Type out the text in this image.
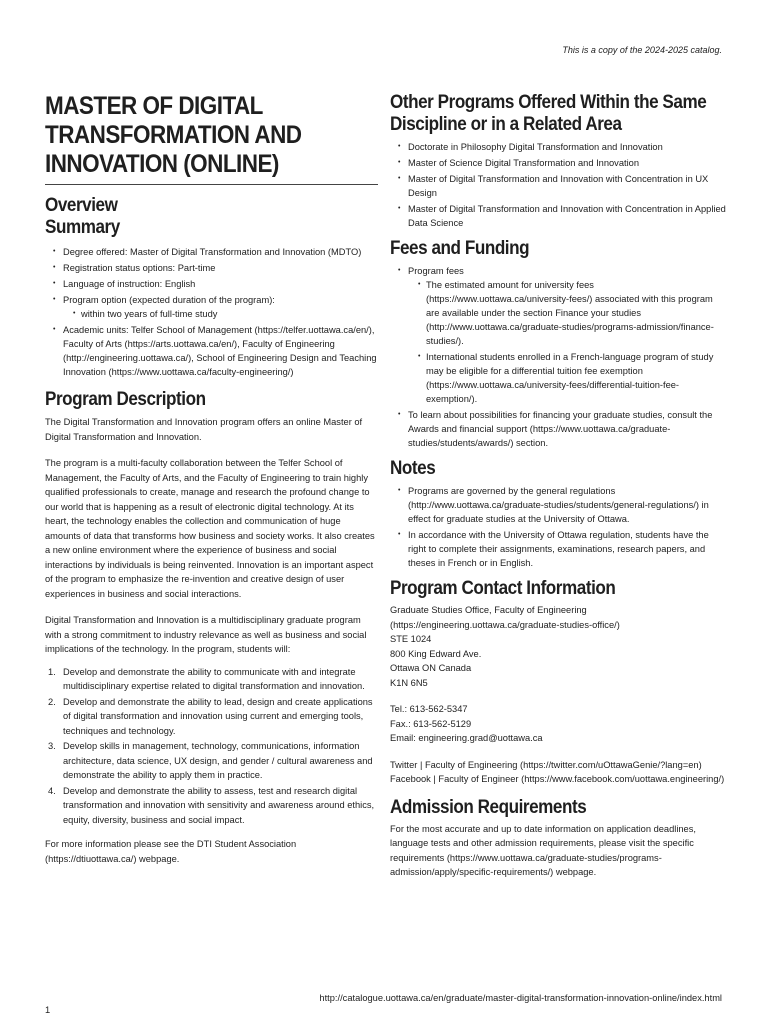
This is a copy of the 2024-2025 catalog.
MASTER OF DIGITAL TRANSFORMATION AND INNOVATION (ONLINE)
Overview
Summary
• Degree offered: Master of Digital Transformation and Innovation (MDTO)
• Registration status options: Part-time
• Language of instruction: English
• Program option (expected duration of the program):
• within two years of full-time study
• Academic units: Telfer School of Management (https://telfer.uottawa.ca/en/), Faculty of Arts (https://arts.uottawa.ca/en/), Faculty of Engineering (http://engineering.uottawa.ca/), School of Engineering Design and Teaching Innovation (https://www.uottawa.ca/faculty-engineering/)
Program Description

The Digital Transformation and Innovation program offers an online Master of Digital Transformation and Innovation.

The program is a multi-faculty collaboration between the Telfer School of Management, the Faculty of Arts, and the Faculty of Engineering to train highly qualified professionals to create, manage and research the profound change to our world that is happening as a result of electronic digital technology. At its heart, the technology enables the collection and communication of huge amounts of data that transforms how business and society works. It also creates a new online environment where the experience of business and social interactions by individuals is being reinvented. Innovation is an important aspect of the program to emphasize the re-invention and creative design of user experiences in business and social interactions.

Digital Transformation and Innovation is a multidisciplinary graduate program with a strong commitment to industry relevance as well as business and social implications of the technology. In the program, students will:

1. Develop and demonstrate the ability to communicate with and integrate multidisciplinary expertise related to digital transformation and innovation.
2. Develop and demonstrate the ability to lead, design and create applications of digital transformation and innovation using current and emerging tools, techniques and technology.
3. Develop skills in management, technology, communications, information architecture, data science, UX design, and gender / cultural awareness and demonstrate the ability to apply them in practice.
4. Develop and demonstrate the ability to assess, test and research digital transformation and innovation with sensitivity and awareness around ethics, equity, diversity, business and social impact.

For more information please see the DTI Student Association (https://dtiuottawa.ca/) webpage.

Other Programs Offered Within the Same Discipline or in a Related Area
• Doctorate in Philosophy Digital Transformation and Innovation
• Master of Science Digital Transformation and Innovation
• Master of Digital Transformation and Innovation with Concentration in UX Design
• Master of Digital Transformation and Innovation with Concentration in Applied Data Science
Fees and Funding
• Program fees
• The estimated amount for university fees (https://www.uottawa.ca/university-fees/) associated with this program are available under the section Finance your studies (http://www.uottawa.ca/graduate-studies/programs-admission/finance-studies/).
• International students enrolled in a French-language program of study may be eligible for a differential tuition fee exemption (https://www.uottawa.ca/university-fees/differential-tuition-fee-exemption/).
• To learn about possibilities for financing your graduate studies, consult the Awards and financial support (https://www.uottawa.ca/graduate-studies/students/awards/) section.
Notes
• Programs are governed by the general regulations (http://www.uottawa.ca/graduate-studies/students/general-regulations/) in effect for graduate studies at the University of Ottawa.
• In accordance with the University of Ottawa regulation, students have the right to complete their assignments, examinations, research papers, and theses in French or in English.
Program Contact Information

Graduate Studies Office, Faculty of Engineering (https://engineering.uottawa.ca/graduate-studies-office/)

STE 1024

800 King Edward Ave.

Ottawa ON Canada

K1N 6N5

Tel.: 613-562-5347

Fax.: 613-562-5129

Email: engineering.grad@uottawa.ca

Twitter | Faculty of Engineering (https://twitter.com/uOttawaGenie/?lang=en)

Facebook | Faculty of Engineer (https://www.facebook.com/uottawa.engineering/)

Admission Requirements

For the most accurate and up to date information on application deadlines, language tests and other admission requirements, please visit the specific requirements (https://www.uottawa.ca/graduate-studies/programs-admission/apply/specific-requirements/) webpage.

http://catalogue.uottawa.ca/en/graduate/master-digital-transformation-innovation-online/index.html
1
